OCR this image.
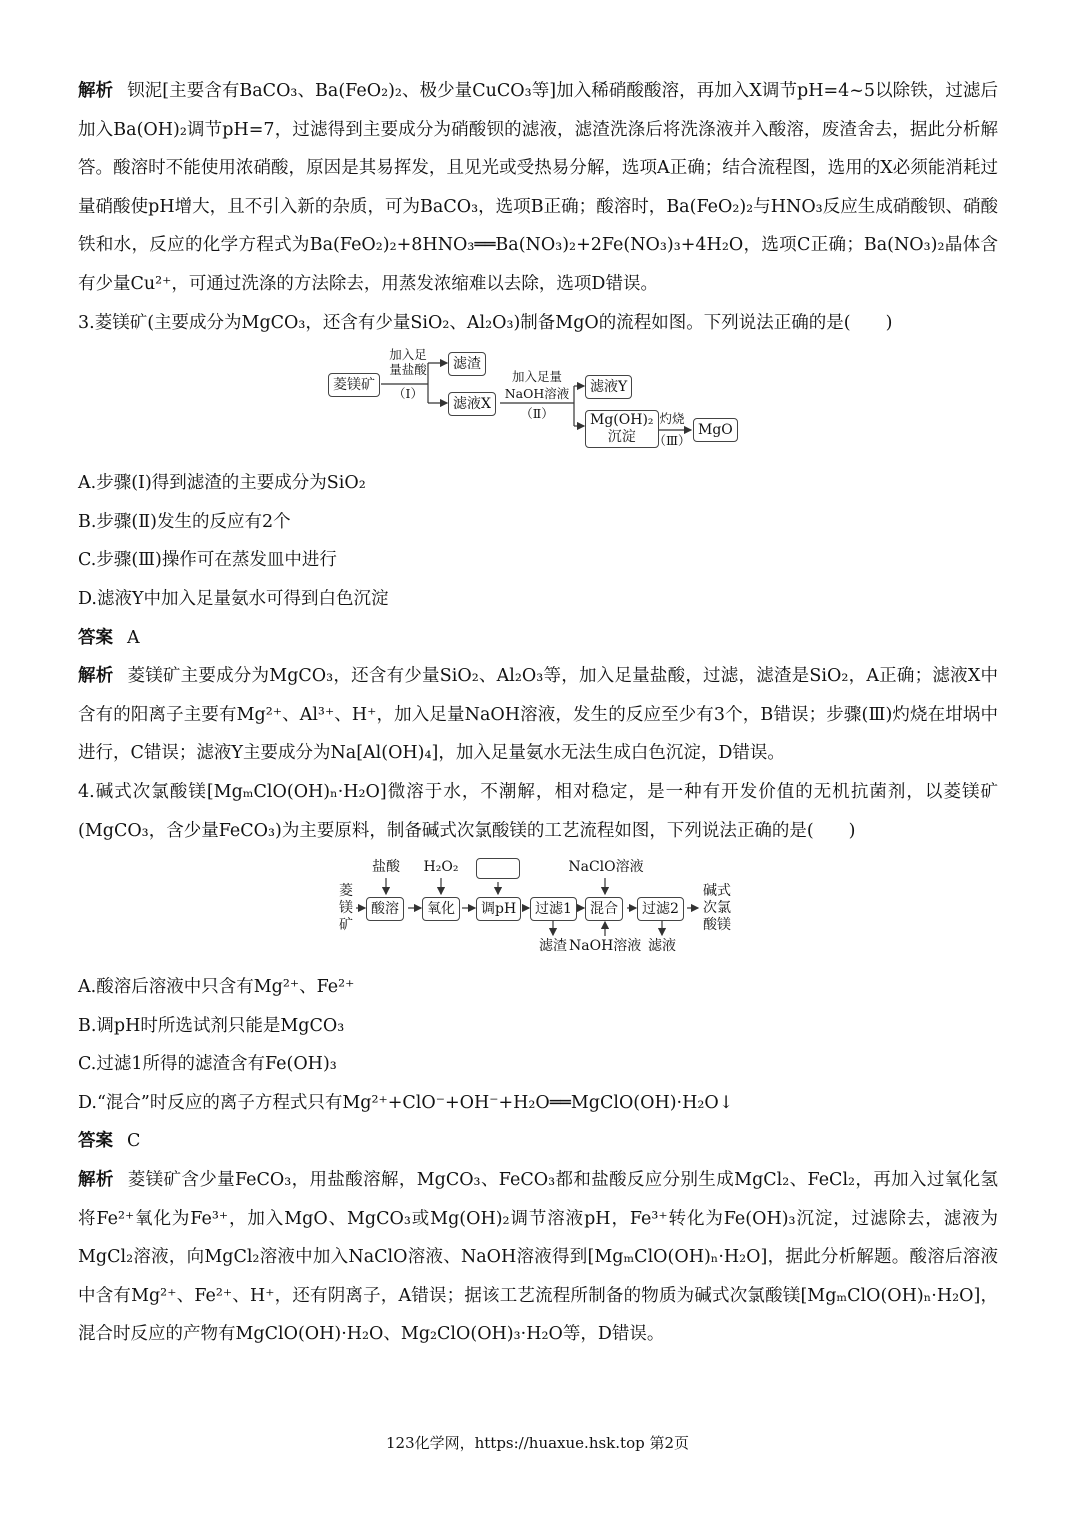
解析 钡泥[主要含有BaCO₃、Ba(FeO₂)₂、极少量CuCO₃等]加入稀硝酸酸溶，再加入X调节pH=4~5以除铁，过滤后加入Ba(OH)₂调节pH=7，过滤得到主要成分为硝酸钡的滤液，滤渣洗涤后将洗涤液并入酸溶，废渣舍去，据此分析解答。酸溶时不能使用浓硝酸，原因是其易挥发，且见光或受热易分解，选项A正确；结合流程图，选用的X必须能消耗过量硝酸使pH增大，且不引入新的杂质，可为BaCO₃，选项B正确；酸溶时，Ba(FeO₂)₂与HNO₃反应生成硝酸钡、硝酸铁和水，反应的化学方程式为Ba(FeO₂)₂+8HNO₃══Ba(NO₃)₂+2Fe(NO₃)₃+4H₂O，选项C正确；Ba(NO₃)₂晶体含有少量Cu²⁺，可通过洗涤的方法除去，用蒸发浓缩难以去除，选项D错误。

3.菱镁矿(主要成分为MgCO₃，还含有少量SiO₂、Al₂O₃)制备MgO的流程如图。下列说法正确的是(　　)

菱镁矿
加入足
量盐酸
（Ⅰ）
滤渣
滤液X
加入足量
NaOH溶液
（Ⅱ）
滤液Y
Mg(OH)₂
沉淀
灼烧
（Ⅲ）
MgO

A.步骤(Ⅰ)得到滤渣的主要成分为SiO₂
B.步骤(Ⅱ)发生的反应有2个
C.步骤(Ⅲ)操作可在蒸发皿中进行
D.滤液Y中加入足量氨水可得到白色沉淀

答案 A

解析 菱镁矿主要成分为MgCO₃，还含有少量SiO₂、Al₂O₃等，加入足量盐酸，过滤，滤渣是SiO₂，A正确；滤液X中含有的阳离子主要有Mg²⁺、Al³⁺、H⁺，加入足量NaOH溶液，发生的反应至少有3个，B错误；步骤(Ⅲ)灼烧在坩埚中进行，C错误；滤液Y主要成分为Na[Al(OH)₄]，加入足量氨水无法生成白色沉淀，D错误。

4.碱式次氯酸镁[MgₘClO(OH)ₙ·H₂O]微溶于水，不潮解，相对稳定，是一种有开发价值的无机抗菌剂，以菱镁矿(MgCO₃，含少量FeCO₃)为主要原料，制备碱式次氯酸镁的工艺流程如图，下列说法正确的是(　　)

菱
镁
矿
盐酸	H₂O₂	NaClO溶液
酸溶	氧化	调pH	过滤1	混合	过滤2
滤渣 NaOH溶液 滤液
碱式
次氯
酸镁

A.酸溶后溶液中只含有Mg²⁺、Fe²⁺
B.调pH时所选试剂只能是MgCO₃
C.过滤1所得的滤渣含有Fe(OH)₃
D.“混合”时反应的离子方程式只有Mg²⁺+ClO⁻+OH⁻+H₂O══MgClO(OH)·H₂O↓

答案 C

解析 菱镁矿含少量FeCO₃，用盐酸溶解，MgCO₃、FeCO₃都和盐酸反应分别生成MgCl₂、FeCl₂，再加入过氧化氢将Fe²⁺氧化为Fe³⁺，加入MgO、MgCO₃或Mg(OH)₂调节溶液pH，Fe³⁺转化为Fe(OH)₃沉淀，过滤除去，滤液为MgCl₂溶液，向MgCl₂溶液中加入NaClO溶液、NaOH溶液得到[MgₘClO(OH)ₙ·H₂O]，据此分析解题。酸溶后溶液中含有Mg²⁺、Fe²⁺、H⁺，还有阴离子，A错误；据该工艺流程所制备的物质为碱式次氯酸镁[MgₘClO(OH)ₙ·H₂O]，混合时反应的产物有MgClO(OH)·H₂O、Mg₂ClO(OH)₃·H₂O等，D错误。

123化学网，https://huaxue.hsk.top 第2页
